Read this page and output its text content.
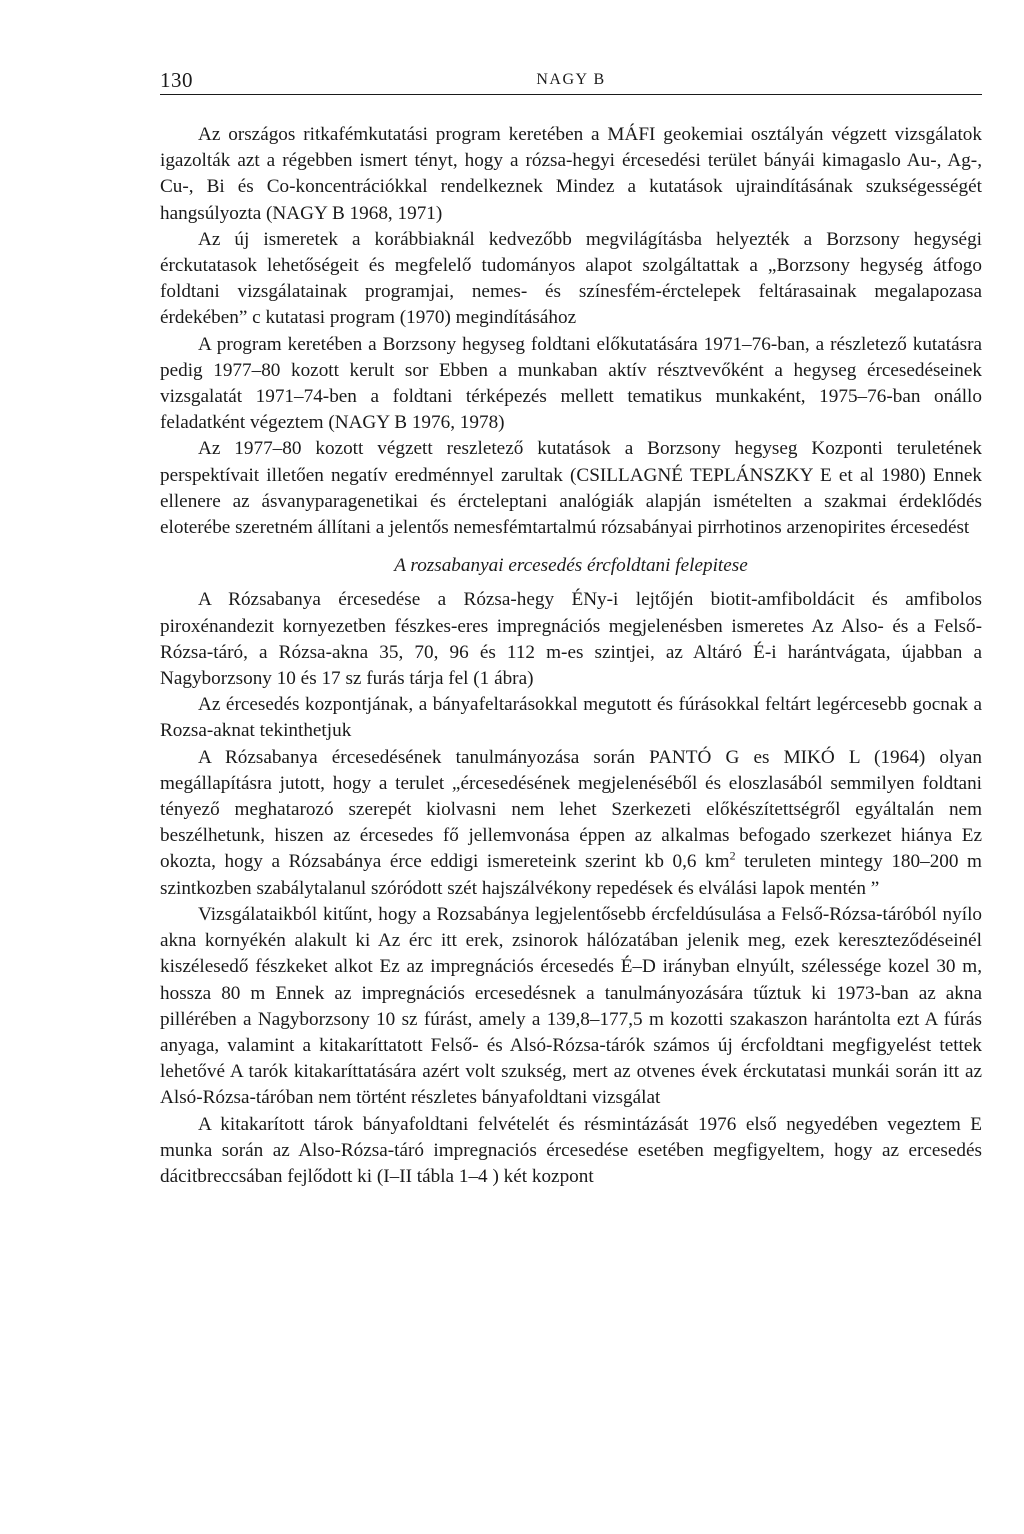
130	NAGY B

Az országos ritkafémkutatási program keretében a MÁFI geokemiai osztályán végzett vizsgálatok igazolták azt a régebben ismert tényt, hogy a rózsa-hegyi ércesedési terület bányái kimagaslo Au-, Ag-, Cu-, Bi és Co-koncentrációkkal rendelkeznek Mindez a kutatások ujraindításának szukségességét hangsúlyozta (NAGY B 1968, 1971)

Az új ismeretek a korábbiaknál kedvezőbb megvilágításba helyezték a Borzsony hegységi érckutatasok lehetőségeit és megfelelő tudományos alapot szolgáltattak a „Borzsony hegység átfogo foldtani vizsgálatainak programjai, nemes- és színesfém-érctelepek feltárasainak megalapozasa érdekében” c kutatasi program (1970) megindításához

A program keretében a Borzsony hegyseg foldtani előkutatására 1971–76-ban, a részletező kutatásra pedig 1977–80 kozott kerult sor Ebben a munkaban aktív résztvevőként a hegyseg ércesedéseinek vizsgalatát 1971–74-ben a foldtani térképezés mellett tematikus munkaként, 1975–76-ban onállo feladatként végeztem (NAGY B 1976, 1978)

Az 1977–80 kozott végzett reszletező kutatások a Borzsony hegyseg Kozponti teruletének perspektívait illetően negatív eredménnyel zarultak (CSILLAGNÉ TEPLÁNSZKY E et al 1980) Ennek ellenere az ásvanyparagenetikai és ércteleptani analógiák alapján ismételten a szakmai érdeklődés eloterébe szeretném állítani a jelentős nemesfémtartalmú rózsabányai pirrhotinos arzenopirites ércesedést

A rozsabanyai ercesedés ércfoldtani felepitese

A Rózsabanya ércesedése a Rózsa-hegy ÉNy-i lejtőjén biotit-amfiboldácit és amfibolos piroxénandezit kornyezetben fészkes-eres impregnációs megjelenésben ismeretes Az Also- és a Felső-Rózsa-táró, a Rózsa-akna 35, 70, 96 és 112 m-es szintjei, az Altáró É-i harántvágata, újabban a Nagyborzsony 10 és 17 sz furás tárja fel (1 ábra)

Az ércesedés kozpontjának, a bányafeltarásokkal megutott és fúrásokkal feltárt legércesebb gocnak a Rozsa-aknat tekinthetjuk

A Rózsabanya ércesedésének tanulmányozása során PANTÓ G es MIKÓ L (1964) olyan megállapításra jutott, hogy a terulet „ércesedésének megjelenéséből és eloszlasából semmilyen foldtani tényező meghatarozó szerepét kiolvasni nem lehet Szerkezeti előkészítettségről egyáltalán nem beszélhetunk, hiszen az ércesedes fő jellemvonása éppen az alkalmas befogado szerkezet hiánya Ez okozta, hogy a Rózsabánya érce eddigi ismereteink szerint kb 0,6 $km^2$ teruleten mintegy 180–200 m szintkozben szabálytalanul szóródott szét hajszálvékony repedések és elválási lapok mentén ”

Vizsgálataikból kitűnt, hogy a Rozsabánya legjelentősebb ércfeldúsulása a Felső-Rózsa-táróból nyílo akna kornyékén alakult ki Az érc itt erek, zsinorok hálózatában jelenik meg, ezek kereszteződéseinél kiszélesedő fészkeket alkot Ez az impregnációs ércesedés É–D irányban elnyúlt, szélessége kozel 30 m, hossza 80 m Ennek az impregnációs ercesedésnek a tanulmányozására tűztuk ki 1973-ban az akna pillérében a Nagyborzsony 10 sz fúrást, amely a 139,8–177,5 m kozotti szakaszon harántolta ezt A fúrás anyaga, valamint a kitakaríttatott Felső- és Alsó-Rózsa-tárók számos új ércfoldtani megfigyelést tettek lehetővé A tarók kitakaríttatására azért volt szukség, mert az otvenes évek érckutatasi munkái során itt az Alsó-Rózsa-táróban nem történt részletes bányafoldtani vizsgálat

A kitakarított tárok bányafoldtani felvételét és résmintázását 1976 első negyedében vegeztem E munka során az Also-Rózsa-táró impregnaciós ércesedése esetében megfigyeltem, hogy az ercesedés dácitbreccsában fejlődott ki (I–II tábla 1–4 ) két kozpont
